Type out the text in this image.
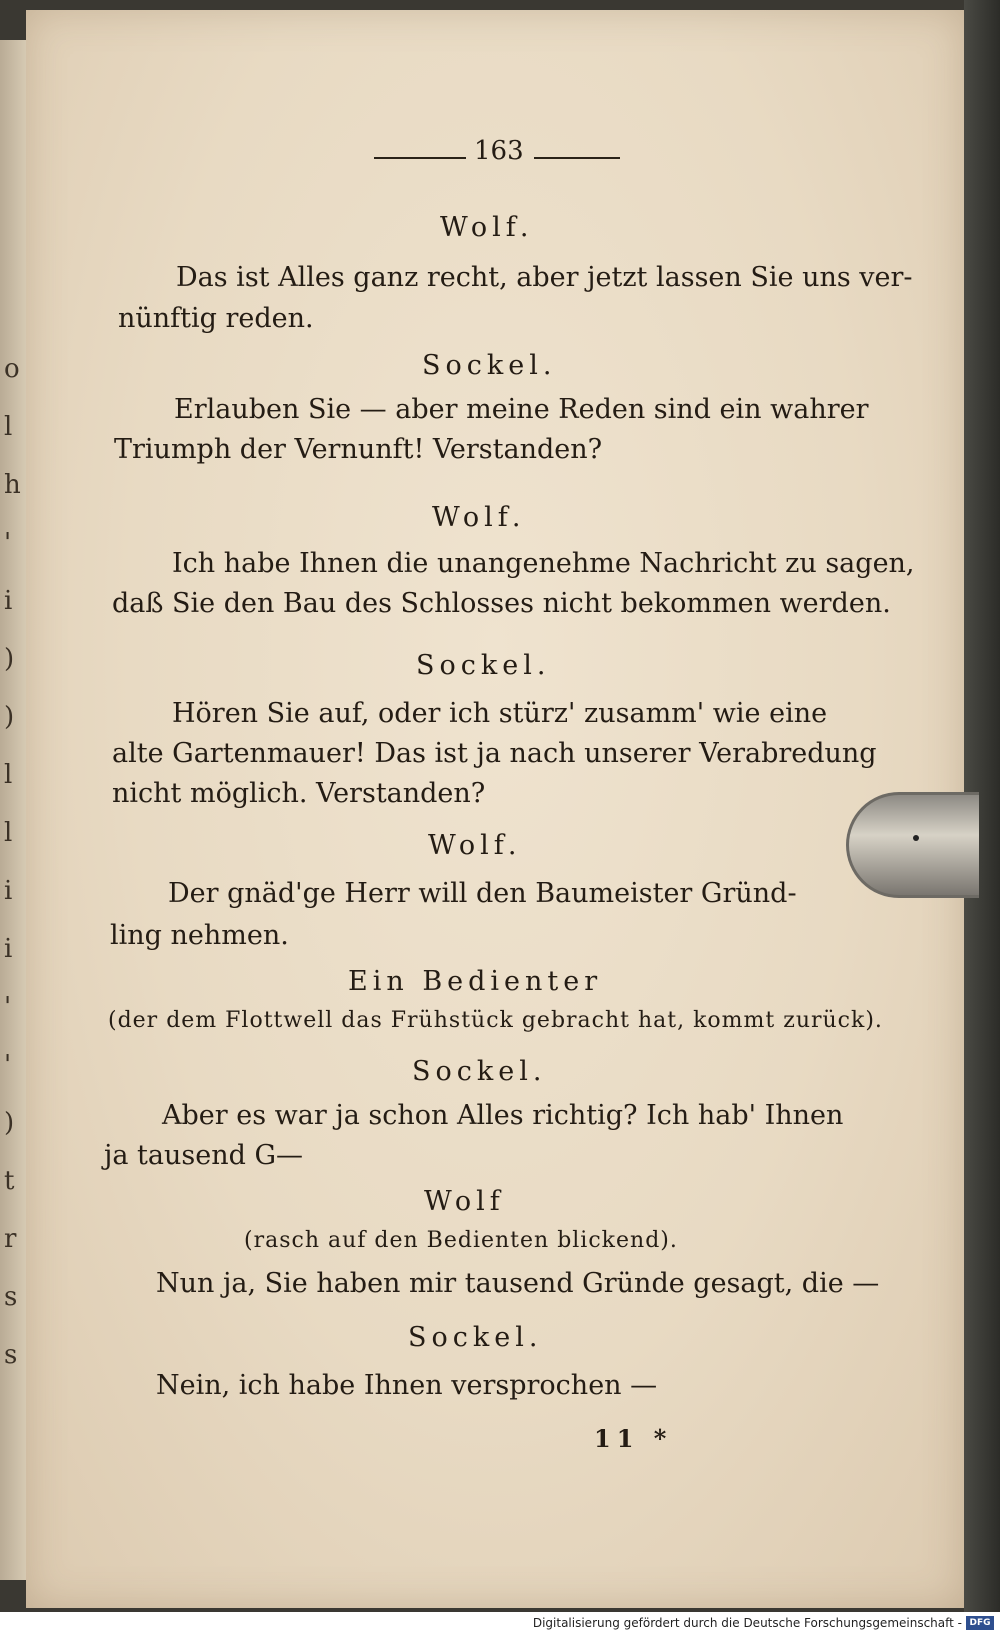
o
l
h
'
i
)
)
l
l
i
i
'
'
)
t
r
s
s
163
Wolf.
Das ist Alles ganz recht, aber jetzt lassen Sie uns ver-
nünftig reden.
Sockel.
Erlauben Sie — aber meine Reden sind ein wahrer
Triumph der Vernunft! Verstanden?
Wolf.
Ich habe Ihnen die unangenehme Nachricht zu sagen,
daß Sie den Bau des Schlosses nicht bekommen werden.
Sockel.
Hören Sie auf, oder ich stürz' zusamm' wie eine
alte Gartenmauer! Das ist ja nach unserer Verabredung
nicht möglich. Verstanden?
Wolf.
Der gnäd'ge Herr will den Baumeister Gründ-
ling nehmen.
Ein Bedienter
(der dem Flottwell das Frühstück gebracht hat, kommt zurück).
Sockel.
Aber es war ja schon Alles richtig? Ich hab' Ihnen
ja tausend G—
Wolf
(rasch auf den Bedienten blickend).
Nun ja, Sie haben mir tausend Gründe gesagt, die —
Sockel.
Nein, ich habe Ihnen versprochen —
11 *
Digitalisierung gefördert durch die Deutsche Forschungsgemeinschaft - DFG
